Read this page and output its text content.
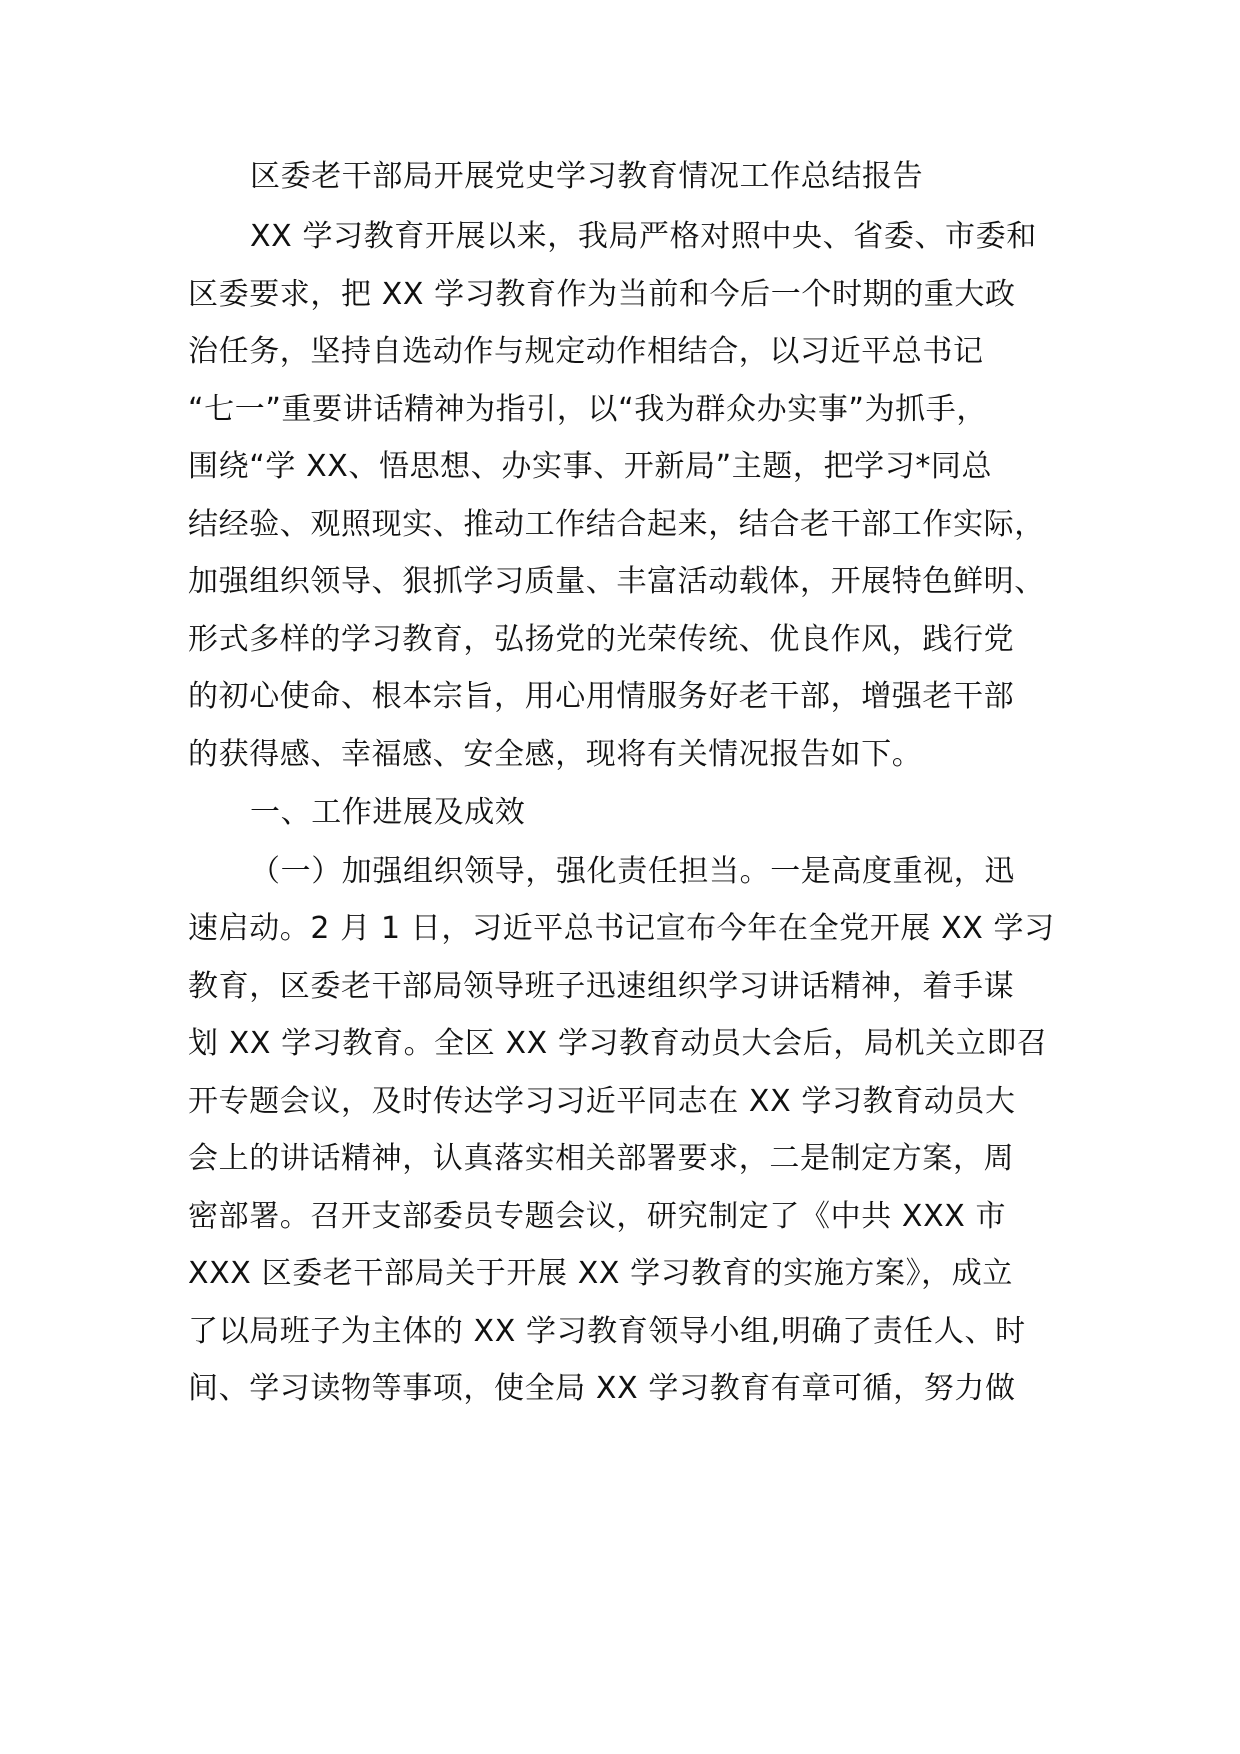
区委老干部局开展党史学习教育情况工作总结报告
XX 学习教育开展以来，我局严格对照中央、省委、市委和
区委要求，把 XX 学习教育作为当前和今后一个时期的重大政
治任务，坚持自选动作与规定动作相结合，以习近平总书记
“七一”重要讲话精神为指引，以“我为群众办实事”为抓手，
围绕“学 XX、悟思想、办实事、开新局”主题，把学习*同总
结经验、观照现实、推动工作结合起来，结合老干部工作实际，
加强组织领导、狠抓学习质量、丰富活动载体，开展特色鲜明、
形式多样的学习教育，弘扬党的光荣传统、优良作风，践行党
的初心使命、根本宗旨，用心用情服务好老干部，增强老干部
的获得感、幸福感、安全感，现将有关情况报告如下。
一、工作进展及成效
（一）加强组织领导，强化责任担当。一是高度重视，迅
速启动。2 月 1 日，习近平总书记宣布今年在全党开展 XX 学习
教育，区委老干部局领导班子迅速组织学习讲话精神，着手谋
划 XX 学习教育。全区 XX 学习教育动员大会后，局机关立即召
开专题会议，及时传达学习习近平同志在 XX 学习教育动员大
会上的讲话精神，认真落实相关部署要求，二是制定方案，周
密部署。召开支部委员专题会议，研究制定了《中共 XXX 市
XXX 区委老干部局关于开展 XX 学习教育的实施方案》，成立
了以局班子为主体的 XX 学习教育领导小组,明确了责任人、时
间、学习读物等事项，使全局 XX 学习教育有章可循，努力做
